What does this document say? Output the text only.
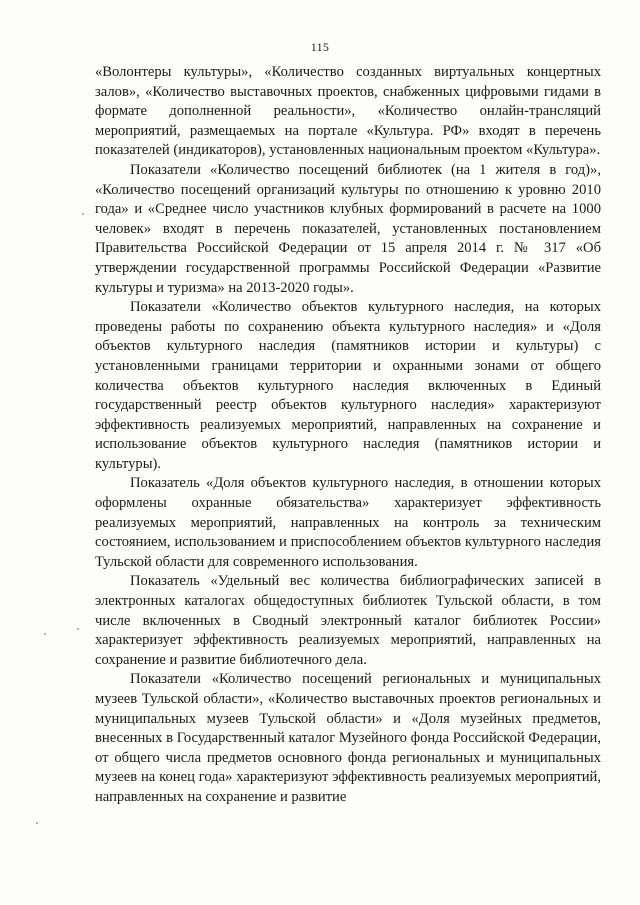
115

«Волонтеры культуры», «Количество созданных виртуальных концертных залов», «Количество выставочных проектов, снабженных цифровыми гидами в формате дополненной реальности», «Количество онлайн-трансляций мероприятий, размещаемых на портале «Культура. РФ» входят в перечень показателей (индикаторов), установленных национальным проектом «Культура».

Показатели «Количество посещений библиотек (на 1 жителя в год)», «Количество посещений организаций культуры по отношению к уровню 2010 года» и «Среднее число участников клубных формирований в расчете на 1000 человек» входят в перечень показателей, установленных постановлением Правительства Российской Федерации от 15 апреля 2014 г. № 317 «Об утверждении государственной программы Российской Федерации «Развитие культуры и туризма» на 2013-2020 годы».

Показатели «Количество объектов культурного наследия, на которых проведены работы по сохранению объекта культурного наследия» и «Доля объектов культурного наследия (памятников истории и культуры) с установленными границами территории и охранными зонами от общего количества объектов культурного наследия включенных в Единый государственный реестр объектов культурного наследия» характеризуют эффективность реализуемых мероприятий, направленных на сохранение и использование объектов культурного наследия (памятников истории и культуры).

Показатель «Доля объектов культурного наследия, в отношении которых оформлены охранные обязательства» характеризует эффективность реализуемых мероприятий, направленных на контроль за техническим состоянием, использованием и приспособлением объектов культурного наследия Тульской области для современного использования.

Показатель «Удельный вес количества библиографических записей в электронных каталогах общедоступных библиотек Тульской области, в том числе включенных в Сводный электронный каталог библиотек России» характеризует эффективность реализуемых мероприятий, направленных на сохранение и развитие библиотечного дела.

Показатели «Количество посещений региональных и муниципальных музеев Тульской области», «Количество выставочных проектов региональных и муниципальных музеев Тульской области» и «Доля музейных предметов, внесенных в Государственный каталог Музейного фонда Российской Федерации, от общего числа предметов основного фонда региональных и муниципальных музеев на конец года» характеризуют эффективность реализуемых мероприятий, направленных на сохранение и развитие
